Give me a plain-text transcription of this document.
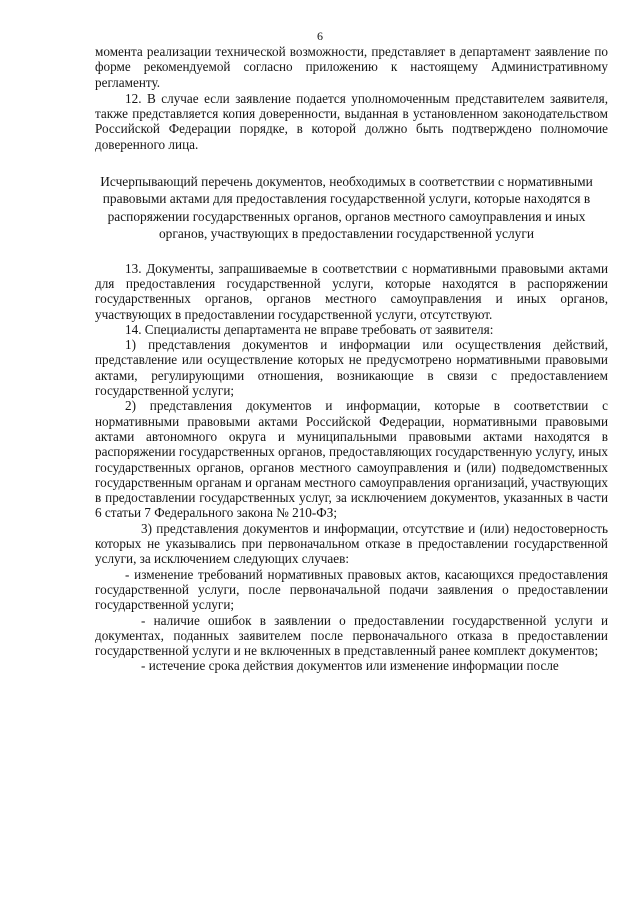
6

момента реализации технической возможности, представляет в департамент заявление по форме рекомендуемой согласно приложению к настоящему Административному регламенту.

12. В случае если заявление подается уполномоченным представителем заявителя, также представляется копия доверенности, выданная в установленном законодательством Российской Федерации порядке, в которой должно быть подтверждено полномочие доверенного лица.

Исчерпывающий перечень документов, необходимых в соответствии с нормативными правовыми актами для предоставления государственной услуги, которые находятся в распоряжении государственных органов, органов местного самоуправления и иных органов, участвующих в предоставлении государственной услуги

13. Документы, запрашиваемые в соответствии с нормативными правовыми актами для предоставления государственной услуги, которые находятся в распоряжении государственных органов, органов местного самоуправления и иных органов, участвующих в предоставлении государственной услуги, отсутствуют.

14. Специалисты департамента не вправе требовать от заявителя:

1) представления документов и информации или осуществления действий, представление или осуществление которых не предусмотрено нормативными правовыми актами, регулирующими отношения, возникающие в связи с предоставлением государственной услуги;

2) представления документов и информации, которые в соответствии с нормативными правовыми актами Российской Федерации, нормативными правовыми актами автономного округа и муниципальными правовыми актами находятся в распоряжении государственных органов, предоставляющих государственную услугу, иных государственных органов, органов местного самоуправления и (или) подведомственных государственным органам и органам местного самоуправления организаций, участвующих в предоставлении государственных услуг, за исключением документов, указанных в части 6 статьи 7 Федерального закона № 210-ФЗ;

3) представления документов и информации, отсутствие и (или) недостоверность которых не указывались при первоначальном отказе в предоставлении государственной услуги, за исключением следующих случаев:

- изменение требований нормативных правовых актов, касающихся предоставления государственной услуги, после первоначальной подачи заявления о предоставлении государственной услуги;

- наличие ошибок в заявлении о предоставлении государственной услуги и документах, поданных заявителем после первоначального отказа в предоставлении государственной услуги и не включенных в представленный ранее комплект документов;

- истечение срока действия документов или изменение информации после
